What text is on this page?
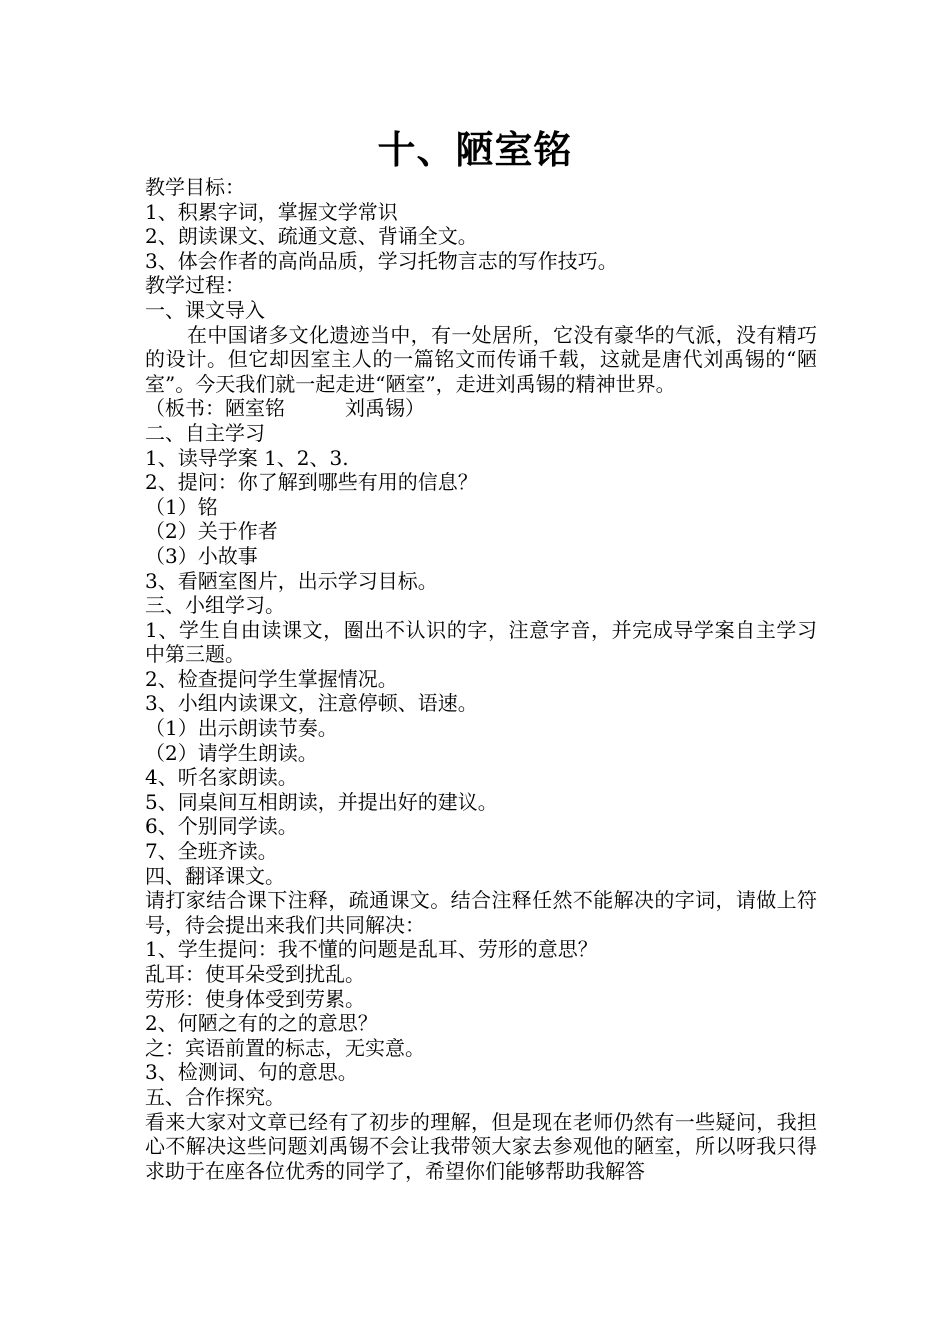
十、陋室铭

教学目标：

1、积累字词，掌握文学常识

2、朗读课文、疏通文意、背诵全文。

3、体会作者的高尚品质，学习托物言志的写作技巧。

教学过程：

一、课文导入

在中国诸多文化遗迹当中，有一处居所，它没有豪华的气派，没有精巧的设计。但它却因室主人的一篇铭文而传诵千载，这就是唐代刘禹锡的“陋室”。今天我们就一起走进“陋室”，走进刘禹锡的精神世界。

（板书：陋室铭　　　刘禹锡）

二、自主学习

1、读导学案 1、2、3.

2、提问：你了解到哪些有用的信息？

（1）铭

（2）关于作者

（3）小故事

3、看陋室图片，出示学习目标。

三、小组学习。

1、学生自由读课文，圈出不认识的字，注意字音，并完成导学案自主学习中第三题。

2、检查提问学生掌握情况。

3、小组内读课文，注意停顿、语速。

（1）出示朗读节奏。

（2）请学生朗读。

4、听名家朗读。

5、同桌间互相朗读，并提出好的建议。

6、个别同学读。

7、全班齐读。

四、翻译课文。

请打家结合课下注释，疏通课文。结合注释任然不能解决的字词，请做上符号，待会提出来我们共同解决：

1、学生提问：我不懂的问题是乱耳、劳形的意思？

乱耳：使耳朵受到扰乱。

劳形：使身体受到劳累。

2、何陋之有的之的意思？

之：宾语前置的标志，无实意。

3、检测词、句的意思。

五、合作探究。

看来大家对文章已经有了初步的理解，但是现在老师仍然有一些疑问，我担心不解决这些问题刘禹锡不会让我带领大家去参观他的陋室，所以呀我只得求助于在座各位优秀的同学了，希望你们能够帮助我解答
